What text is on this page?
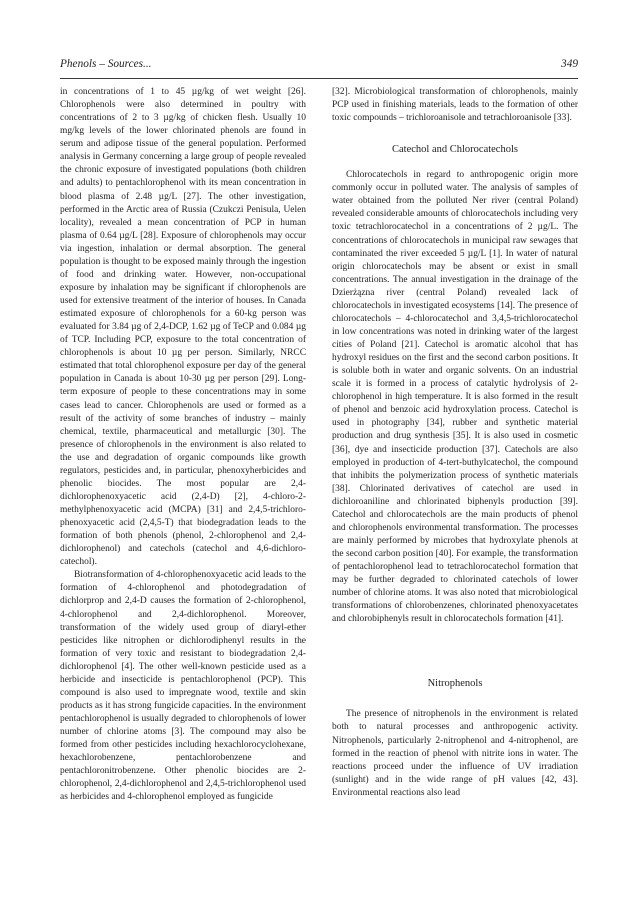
Phenols – Sources...	349

in concentrations of 1 to 45 µg/kg of wet weight [26]. Chlorophenols were also determined in poultry with concentrations of 2 to 3 µg/kg of chicken flesh. Usually 10 mg/kg levels of the lower chlorinated phenols are found in serum and adipose tissue of the general population. Performed analysis in Germany concerning a large group of people revealed the chronic exposure of investigated populations (both children and adults) to pentachlorophenol with its mean concentration in blood plasma of 2.48 µg/L [27]. The other investigation, performed in the Arctic area of Russia (Czukczi Penisula, Uelen locality), revealed a mean concentration of PCP in human plasma of 0.64 µg/L [28]. Exposure of chlorophenols may occur via ingestion, inhalation or dermal absorption. The general population is thought to be exposed mainly through the ingestion of food and drinking water. However, non-occupational exposure by inhalation may be significant if chlorophenols are used for extensive treatment of the interior of houses. In Canada estimated exposure of chlorophenols for a 60-kg person was evaluated for 3.84 µg of 2,4-DCP, 1.62 µg of TeCP and 0.084 µg of TCP. Including PCP, exposure to the total concentration of chlorophenols is about 10 µg per person. Similarly, NRCC estimated that total chlorophenol exposure per day of the general population in Canada is about 10-30 µg per person [29]. Long-term exposure of people to these concentrations may in some cases lead to cancer. Chlorophenols are used or formed as a result of the activity of some branches of industry – mainly chemical, textile, pharmaceutical and metallurgic [30]. The presence of chlorophenols in the environment is also related to the use and degradation of organic compounds like growth regulators, pesticides and, in particular, phenoxyherbicides and phenolic biocides. The most popular are 2,4-dichlorophenoxyacetic acid (2,4-D) [2], 4-chloro-2-methylphenoxyacetic acid (MCPA) [31] and 2,4,5-trichloro-phenoxyacetic acid (2,4,5-T) that biodegradation leads to the formation of both phenols (phenol, 2-chlorophenol and 2,4-dichlorophenol) and catechols (catechol and 4,6-dichloro-catechol).

Biotransformation of 4-chlorophenoxyacetic acid leads to the formation of 4-chlorophenol and photodegradation of dichlorprop and 2,4-D causes the formation of 2-chlorophenol, 4-chlorophenol and 2,4-dichlorophenol. Moreover, transformation of the widely used group of diaryl-ether pesticides like nitrophen or dichlorodiphenyl results in the formation of very toxic and resistant to biodegradation 2,4-dichlorophenol [4]. The other well-known pesticide used as a herbicide and insecticide is pentachlorophenol (PCP). This compound is also used to impregnate wood, textile and skin products as it has strong fungicide capacities. In the environment pentachlorophenol is usually degraded to chlorophenols of lower number of chlorine atoms [3]. The compound may also be formed from other pesticides including hexachlorocyclohexane, hexachlorobenzene, pentachlorobenzene and pentachloronitrobenzene. Other phenolic biocides are 2-chlorophenol, 2,4-dichlorophenol and 2,4,5-trichlorophenol used as herbicides and 4-chlorophenol employed as fungicide

[32]. Microbiological transformation of chlorophenols, mainly PCP used in finishing materials, leads to the formation of other toxic compounds – trichloroanisole and tetrachloroanisole [33].

Catechol and Chlorocatechols

Chlorocatechols in regard to anthropogenic origin more commonly occur in polluted water. The analysis of samples of water obtained from the polluted Ner river (central Poland) revealed considerable amounts of chlorocatechols including very toxic tetrachlorocatechol in a concentrations of 2 µg/L. The concentrations of chlorocatechols in municipal raw sewages that contaminated the river exceeded 5 µg/L [1]. In water of natural origin chlorocatechols may be absent or exist in small concentrations. The annual investigation in the drainage of the Dzierżązna river (central Poland) revealed lack of chlorocatechols in investigated ecosystems [14]. The presence of chlorocatechols – 4-chlorocatechol and 3,4,5-trichlorocatechol in low concentrations was noted in drinking water of the largest cities of Poland [21]. Catechol is aromatic alcohol that has hydroxyl residues on the first and the second carbon positions. It is soluble both in water and organic solvents. On an industrial scale it is formed in a process of catalytic hydrolysis of 2-chlorophenol in high temperature. It is also formed in the result of phenol and benzoic acid hydroxylation process. Catechol is used in photography [34], rubber and synthetic material production and drug synthesis [35]. It is also used in cosmetic [36], dye and insecticide production [37]. Catechols are also employed in production of 4-tert-buthylcatechol, the compound that inhibits the polymerization process of synthetic materials [38]. Chlorinated derivatives of catechol are used in dichloroaniline and chlorinated biphenyls production [39]. Catechol and chlorocatechols are the main products of phenol and chlorophenols environmental transformation. The processes are mainly performed by microbes that hydroxylate phenols at the second carbon position [40]. For example, the transformation of pentachlorophenol lead to tetrachlorocatechol formation that may be further degraded to chlorinated catechols of lower number of chlorine atoms. It was also noted that microbiological transformations of chlorobenzenes, chlorinated phenoxyacetates and chlorobiphenyls result in chlorocatechols formation [41].

Nitrophenols

The presence of nitrophenols in the environment is related both to natural processes and anthropogenic activity. Nitrophenols, particularly 2-nitrophenol and 4-nitrophenol, are formed in the reaction of phenol with nitrite ions in water. The reactions proceed under the influence of UV irradiation (sunlight) and in the wide range of pH values [42, 43]. Environmental reactions also lead
